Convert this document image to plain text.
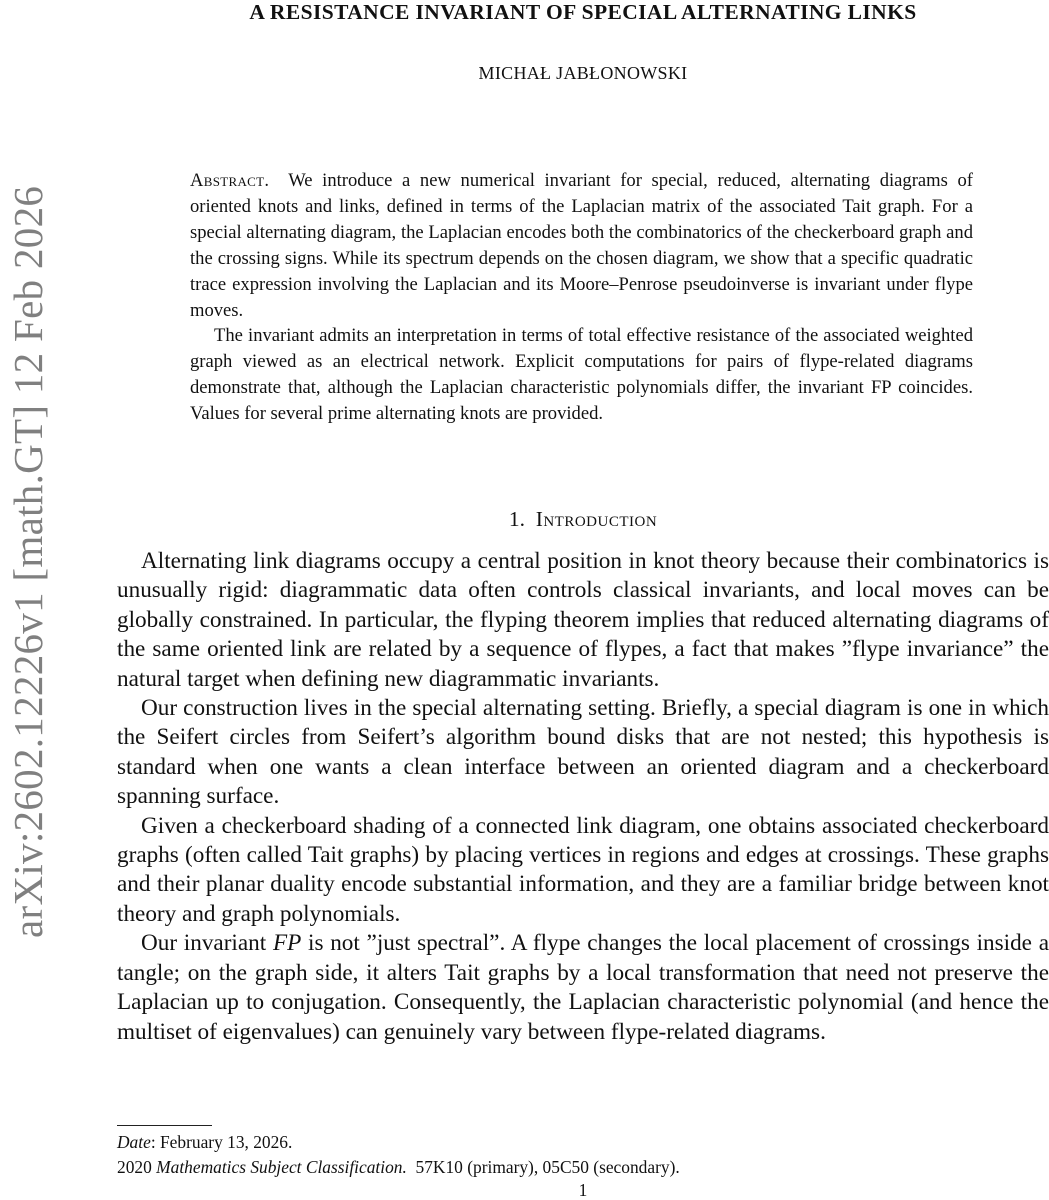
arXiv:2602.12226v1 [math.GT] 12 Feb 2026
A RESISTANCE INVARIANT OF SPECIAL ALTERNATING LINKS
MICHAŁ JABŁONOWSKI

Abstract. We introduce a new numerical invariant for special, reduced, alternating diagrams of oriented knots and links, defined in terms of the Laplacian matrix of the associated Tait graph. For a special alternating diagram, the Laplacian encodes both the combinatorics of the checkerboard graph and the crossing signs. While its spectrum depends on the chosen diagram, we show that a specific quadratic trace expression involving the Laplacian and its Moore–Penrose pseudoinverse is invariant under flype moves.

The invariant admits an interpretation in terms of total effective resistance of the associated weighted graph viewed as an electrical network. Explicit computations for pairs of flype-related diagrams demonstrate that, although the Laplacian characteristic polynomials differ, the invariant FP coincides. Values for several prime alternating knots are provided.

1. Introduction

Alternating link diagrams occupy a central position in knot theory because their combinatorics is unusually rigid: diagrammatic data often controls classical invariants, and local moves can be globally constrained. In particular, the flyping theorem implies that reduced alternating diagrams of the same oriented link are related by a sequence of flypes, a fact that makes ”flype invariance” the natural target when defining new diagrammatic invariants.

Our construction lives in the special alternating setting. Briefly, a special diagram is one in which the Seifert circles from Seifert’s algorithm bound disks that are not nested; this hypothesis is standard when one wants a clean interface between an oriented diagram and a checkerboard spanning surface.

Given a checkerboard shading of a connected link diagram, one obtains associated checkerboard graphs (often called Tait graphs) by placing vertices in regions and edges at crossings. These graphs and their planar duality encode substantial information, and they are a familiar bridge between knot theory and graph polynomials.

Our invariant FP is not ”just spectral”. A flype changes the local placement of crossings inside a tangle; on the graph side, it alters Tait graphs by a local transformation that need not preserve the Laplacian up to conjugation. Consequently, the Laplacian characteristic polynomial (and hence the multiset of eigenvalues) can genuinely vary between flype-related diagrams.

Date: February 13, 2026.
2020 Mathematics Subject Classification. 57K10 (primary), 05C50 (secondary).
1
